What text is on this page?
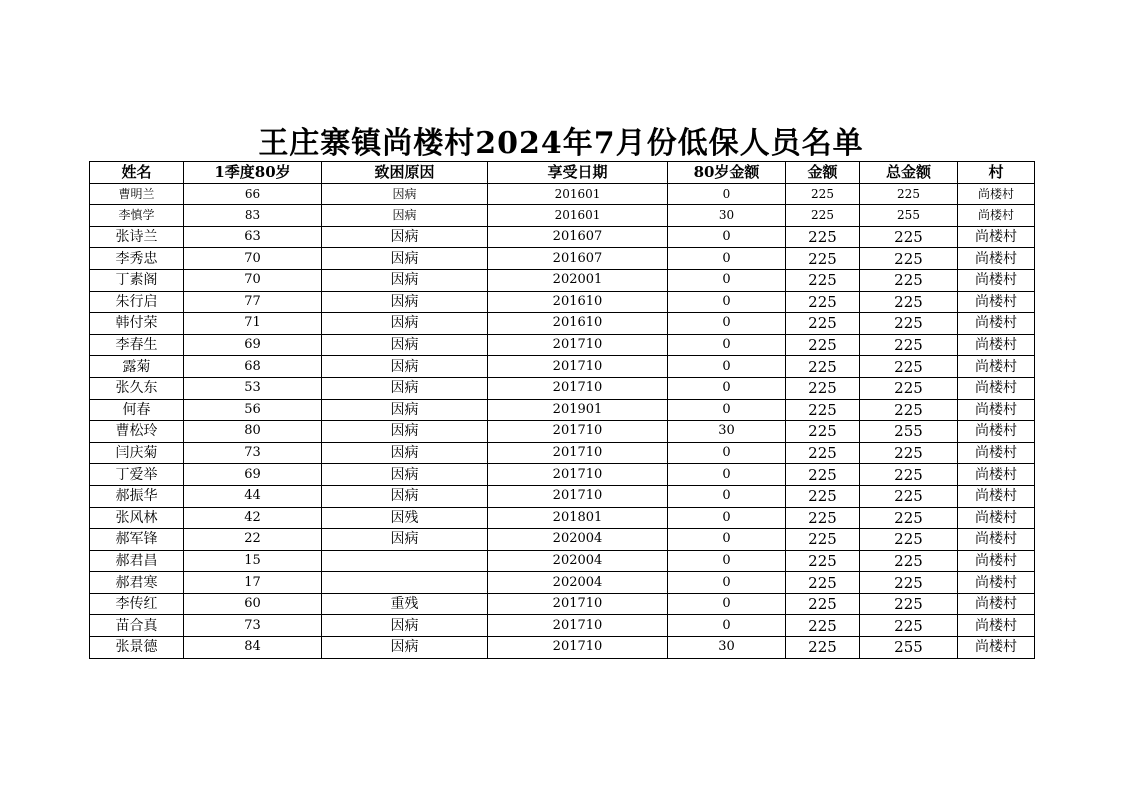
王庄寨镇尚楼村2024年7月份低保人员名单
姓名	1季度80岁	致困原因	享受日期	80岁金额	金额	总金额	村
曹明兰	66	因病	201601	0	225	225	尚楼村
李慎学	83	因病	201601	30	225	255	尚楼村
张诗兰	63	因病	201607	0	225	225	尚楼村
李秀忠	70	因病	201607	0	225	225	尚楼村
丁素阁	70	因病	202001	0	225	225	尚楼村
朱行启	77	因病	201610	0	225	225	尚楼村
韩付荣	71	因病	201610	0	225	225	尚楼村
李春生	69	因病	201710	0	225	225	尚楼村
露菊	68	因病	201710	0	225	225	尚楼村
张久东	53	因病	201710	0	225	225	尚楼村
何春	56	因病	201901	0	225	225	尚楼村
曹松玲	80	因病	201710	30	225	255	尚楼村
闫庆菊	73	因病	201710	0	225	225	尚楼村
丁爱举	69	因病	201710	0	225	225	尚楼村
郝振华	44	因病	201710	0	225	225	尚楼村
张风林	42	因残	201801	0	225	225	尚楼村
郝军锋	22	因病	202004	0	225	225	尚楼村
郝君昌	15		202004	0	225	225	尚楼村
郝君寒	17		202004	0	225	225	尚楼村
李传红	60	重残	201710	0	225	225	尚楼村
苗合真	73	因病	201710	0	225	225	尚楼村
张景德	84	因病	201710	30	225	255	尚楼村
